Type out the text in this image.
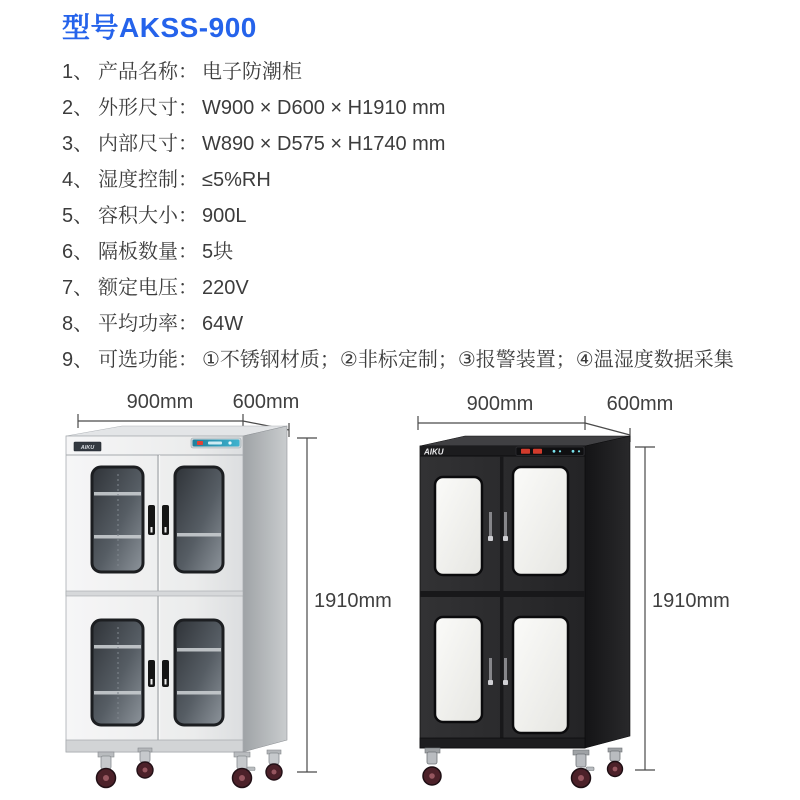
型号AKSS-900
1、 产品名称： 电子防潮柜
2、 外形尺寸： W900 × D600 × H1910 mm
3、 内部尺寸： W890 × D575 × H1740 mm
4、 湿度控制： ≤5%RH
5、 容积大小： 900L
6、 隔板数量： 5块
7、 额定电压： 220V
8、 平均功率： 64W
9、 可选功能： ①不锈钢材质；②非标定制；③报警装置；④温湿度数据采集
900mm 600mm
1910mm
AIKU
900mm	600mm
1910mm
AIKU
